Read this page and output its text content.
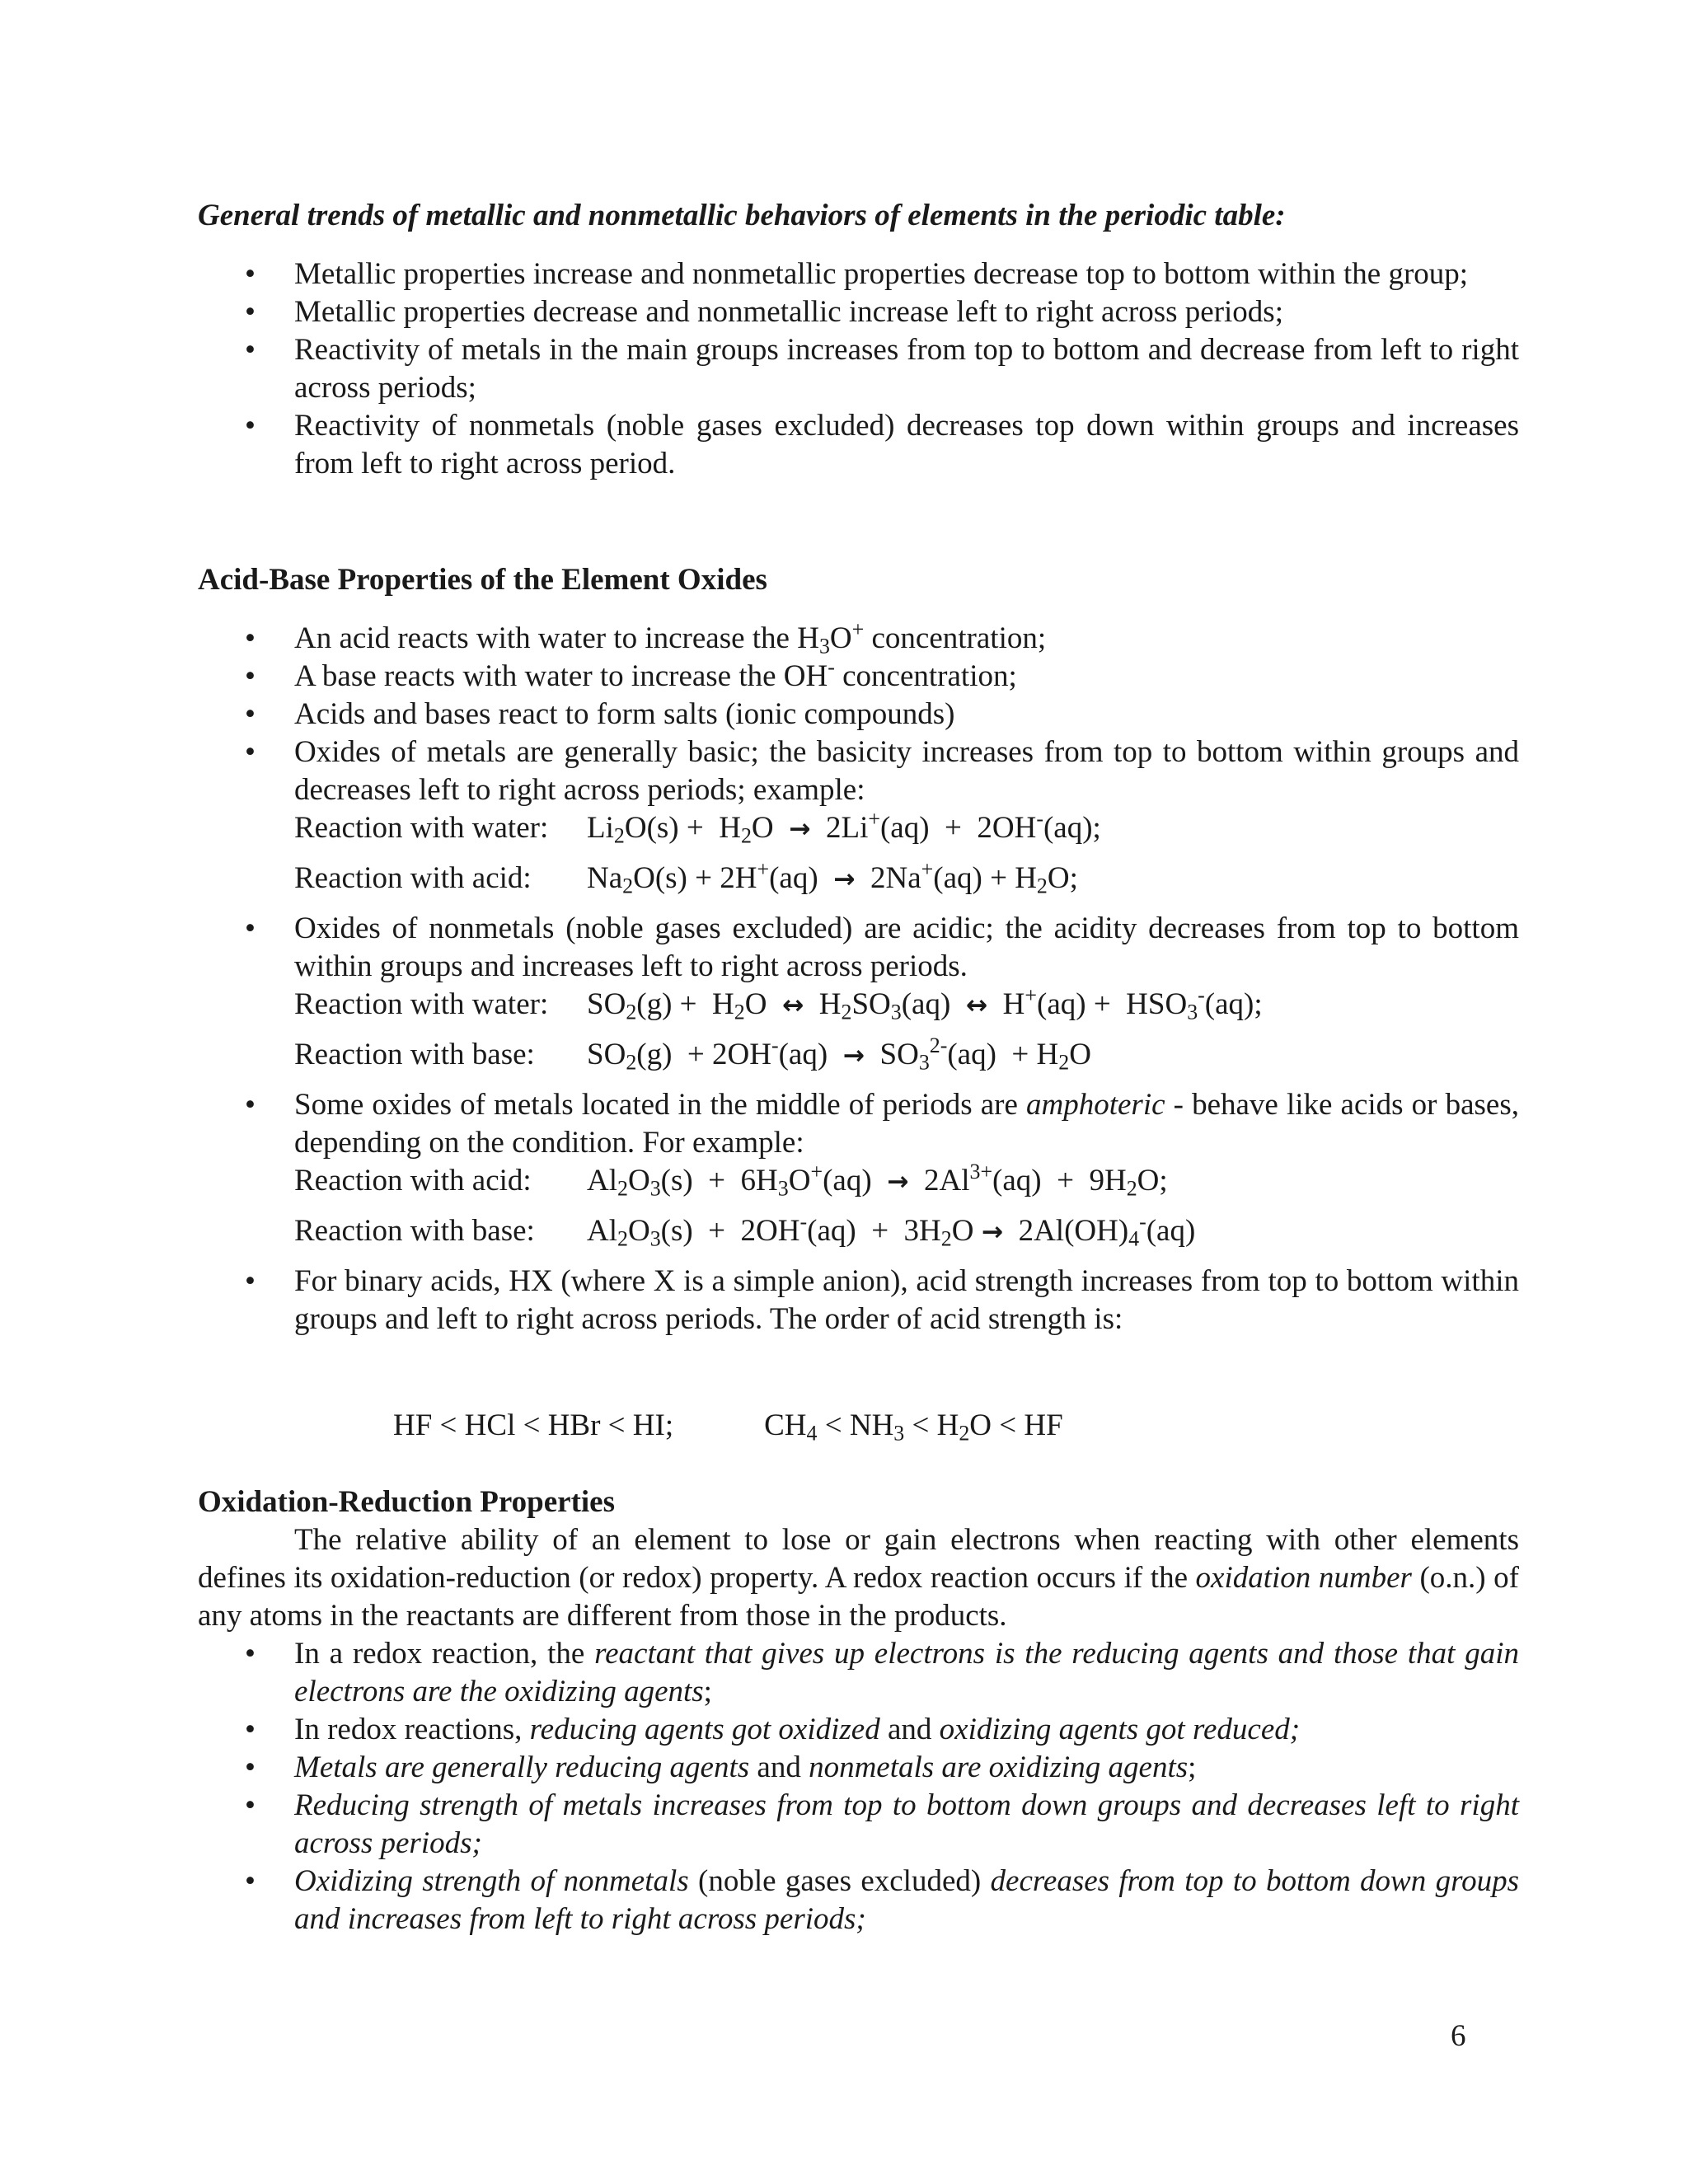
General trends of metallic and nonmetallic behaviors of elements in the periodic table:
• Metallic properties increase and nonmetallic properties decrease top to bottom within the group;
• Metallic properties decrease and nonmetallic increase left to right across periods;
• Reactivity of metals in the main groups increases from top to bottom and decrease from left to right across periods;
• Reactivity of nonmetals (noble gases excluded) decreases top down within groups and increases from left to right across period.
Acid-Base Properties of the Element Oxides
• An acid reacts with water to increase the $H_3O^+$ concentration;
• A base reacts with water to increase the OH- concentration;
• Acids and bases react to form salts (ionic compounds)
• Oxides of metals are generally basic; the basicity increases from top to bottom within groups and decreases left to right across periods; example:
Reaction with water: $Li_2O(s) + H_2O \to 2Li^+(aq) + 2OH^-(aq)$;
Reaction with acid: $Na_2O(s) + 2H^+(aq) \to 2Na^+(aq) + H_2O$;
• Oxides of nonmetals (noble gases excluded) are acidic; the acidity decreases from top to bottom within groups and increases left to right across periods.
Reaction with water: $SO_2(g) + H_2O$  ↔  $H_2SO_3(aq)$  ↔  $H^+(aq) + HSO_3^-(aq)$;
Reaction with base: $SO_2(g) + 2OH^-(aq) \to SO_3^{2-}(aq) + H_2O$
• Some oxides of metals located in the middle of periods are amphoteric - behave like acids or bases, depending on the condition. For example:
Reaction with acid: $Al_2O_3(s) + 6H_3O^+(aq) \to 2Al^{3+}(aq) + 9H_2O$;
Reaction with base: $Al_2O_3(s) + 2OH^-(aq) + 3H_2O \to 2Al(OH)_4^-(aq)$
• For binary acids, HX (where X is a simple anion), acid strength increases from top to bottom within groups and left to right across periods. The order of acid strength is:
HF < HCl < HBr < HI;	$CH_4 < NH_3 < H_2O$ < HF
Oxidation-Reduction Properties
The relative ability of an element to lose or gain electrons when reacting with other elements defines its oxidation-reduction (or redox) property. A redox reaction occurs if the oxidation number (o.n.) of any atoms in the reactants are different from those in the products.
• In a redox reaction, the reactant that gives up electrons is the reducing agents and those that gain electrons are the oxidizing agents;
• In redox reactions, reducing agents got oxidized and oxidizing agents got reduced;
• Metals are generally reducing agents and nonmetals are oxidizing agents;
• Reducing strength of metals increases from top to bottom down groups and decreases left to right across periods;
• Oxidizing strength of nonmetals (noble gases excluded) decreases from top to bottom down groups and increases from left to right across periods;
6
